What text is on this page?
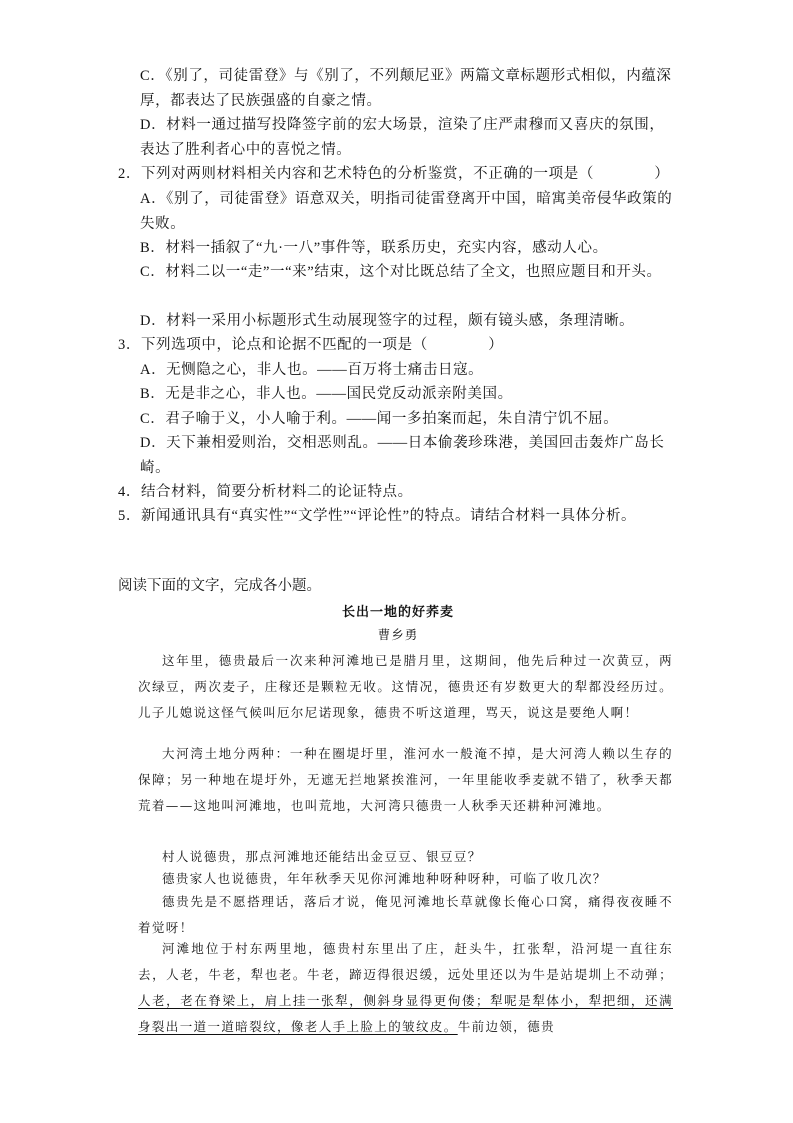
C．《别了，司徒雷登》与《别了，不列颠尼亚》两篇文章标题形式相似，内蕴深厚，都表达了民族强盛的自豪之情。
D．材料一通过描写投降签字前的宏大场景，渲染了庄严肃穆而又喜庆的氛围，表达了胜利者心中的喜悦之情。
2．下列对两则材料相关内容和艺术特色的分析鉴赏，不正确的一项是（　　　　）
A．《别了，司徒雷登》语意双关，明指司徒雷登离开中国，暗寓美帝侵华政策的失败。
B．材料一插叙了“九·一八”事件等，联系历史，充实内容，感动人心。
C．材料二以一“走”一“来”结束，这个对比既总结了全文，也照应题目和开头。
D．材料一采用小标题形式生动展现签字的过程，颇有镜头感，条理清晰。
3．下列选项中，论点和论据不匹配的一项是（　　　　）
A．无恻隐之心，非人也。——百万将士痛击日寇。
B．无是非之心，非人也。——国民党反动派亲附美国。
C．君子喻于义，小人喻于利。——闻一多拍案而起，朱自清宁饥不屈。
D．天下兼相爱则治，交相恶则乱。——日本偷袭珍珠港，美国回击轰炸广岛长崎。
4．结合材料，简要分析材料二的论证特点。
5．新闻通讯具有“真实性”“文学性”“评论性”的特点。请结合材料一具体分析。
阅读下面的文字，完成各小题。
长出一地的好荞麦
曹乡勇
这年里，德贵最后一次来种河滩地已是腊月里，这期间，他先后种过一次黄豆，两次绿豆，两次麦子，庄稼还是颗粒无收。这情况，德贵还有岁数更大的犁都没经历过。儿子儿媳说这怪气候叫厄尔尼诺现象，德贵不听这道理，骂天，说这是要绝人啊！
大河湾土地分两种：一种在圈堤圩里，淮河水一般淹不掉，是大河湾人赖以生存的保障；另一种地在堤圩外，无遮无拦地紧挨淮河，一年里能收季麦就不错了，秋季天都荒着——这地叫河滩地，也叫荒地，大河湾只德贵一人秋季天还耕种河滩地。
村人说德贵，那点河滩地还能结出金豆豆、银豆豆？
德贵家人也说德贵，年年秋季天见你河滩地种呀种呀种，可临了收几次？
德贵先是不愿搭理话，落后才说，俺见河滩地长草就像长俺心口窝，痛得夜夜睡不着觉呀！
河滩地位于村东两里地，德贵村东里出了庄，赶头牛，扛张犁，沿河堤一直往东去，人老，牛老，犁也老。牛老，蹄迈得很迟缓，远处里还以为牛是站堤圳上不动弹；人老，老在脊梁上，肩上挂一张犁，侧斜身显得更佝偻；犁呢是犁体小，犁把细，还满身裂出一道一道暗裂纹，像老人手上脸上的皱纹皮。牛前边领，德贵
